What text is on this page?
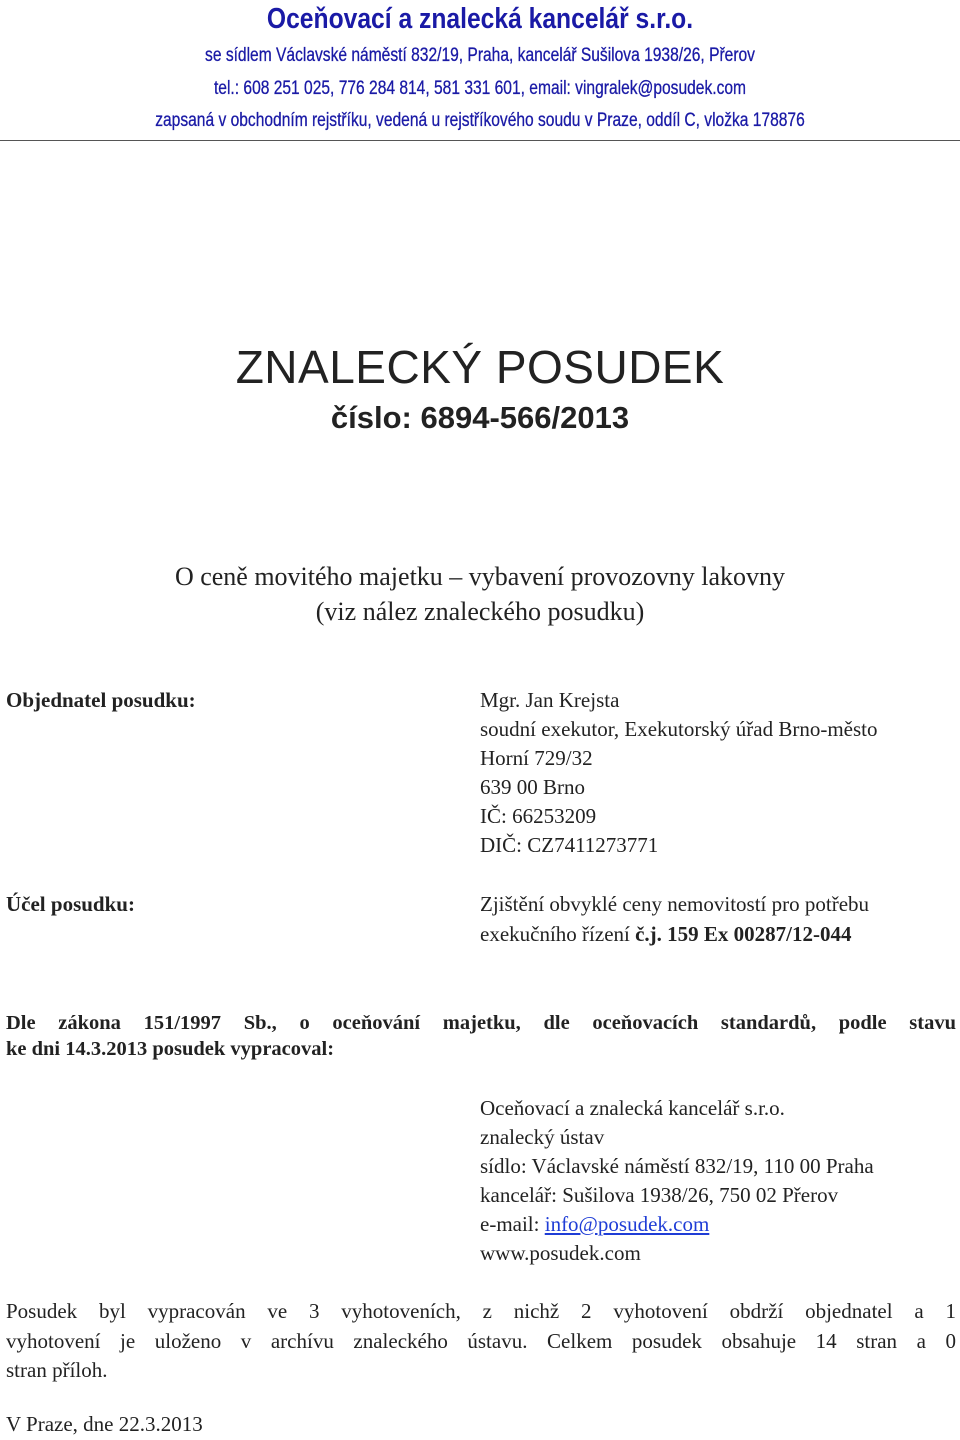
Oceňovací a znalecká kancelář s.r.o.
se sídlem Václavské náměstí 832/19, Praha, kancelář Sušilova 1938/26, Přerov
tel.: 608 251 025, 776 284 814, 581 331 601, email: vingralek@posudek.com
zapsaná v obchodním rejstříku, vedená u rejstříkového soudu v Praze, oddíl C, vložka 178876
ZNALECKÝ POSUDEK
číslo: 6894-566/2013
O ceně movitého majetku – vybavení provozovny lakovny
(viz nález znaleckého posudku)
Objednatel posudku:	Mgr. Jan Krejsta
soudní exekutor, Exekutorský úřad Brno-město
Horní 729/32
639 00 Brno
IČ: 66253209
DIČ: CZ7411273771
Účel posudku:	Zjištění obvyklé ceny nemovitostí pro potřebu
exekučního řízení č.j. 159 Ex 00287/12-044
Dle zákona 151/1997 Sb., o oceňování majetku, dle oceňovacích standardů, podle stavu
ke dni 14.3.2013 posudek vypracoval:
Oceňovací a znalecká kancelář s.r.o.
znalecký ústav
sídlo: Václavské náměstí 832/19, 110 00 Praha
kancelář: Sušilova 1938/26, 750 02 Přerov
e-mail: info@posudek.com
www.posudek.com
Posudek byl vypracován ve 3 vyhotoveních, z nichž 2 vyhotovení obdrží objednatel a 1
vyhotovení je uloženo v archívu znaleckého ústavu. Celkem posudek obsahuje 14 stran a 0
stran příloh.
V Praze, dne 22.3.2013
